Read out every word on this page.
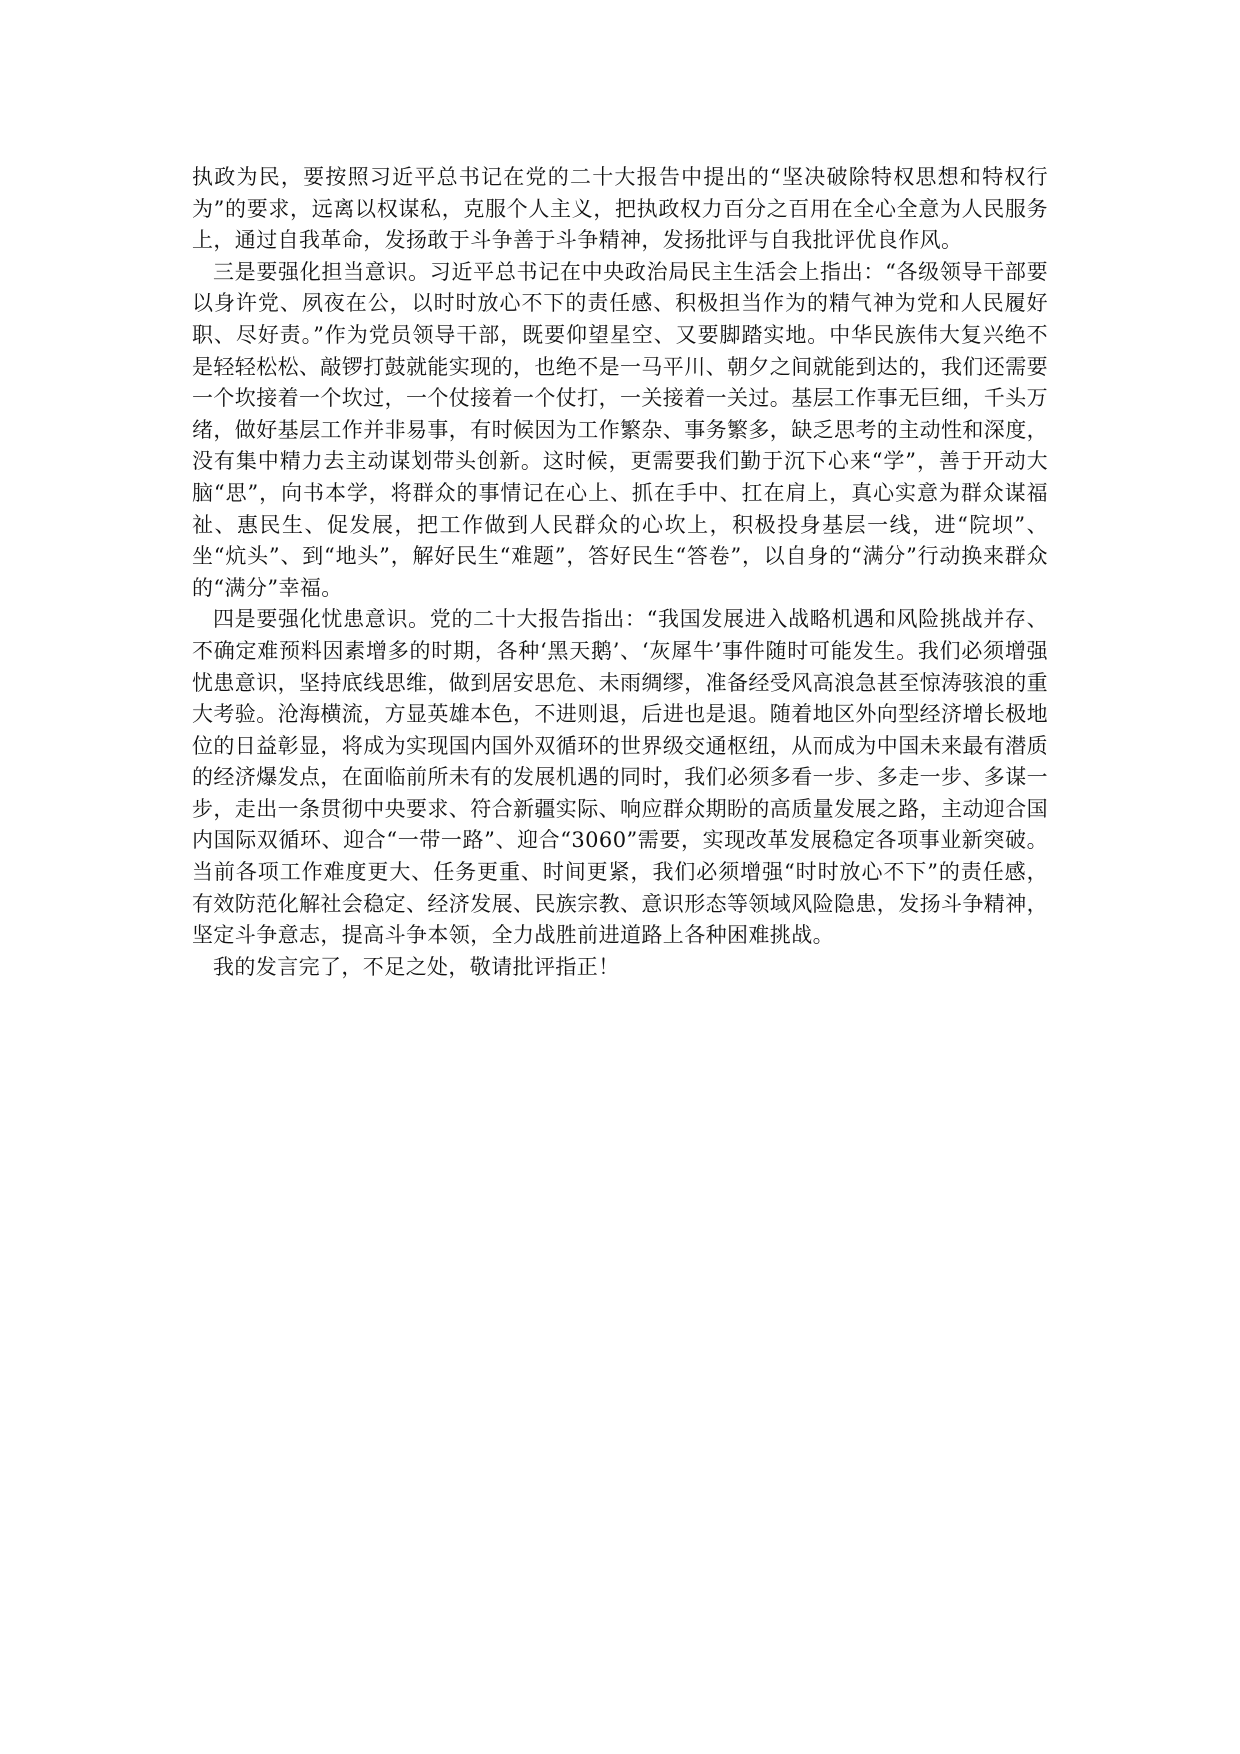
执政为民，要按照习近平总书记在党的二十大报告中提出的“坚决破除特权思想和特权行为”的要求，远离以权谋私，克服个人主义，把执政权力百分之百用在全心全意为人民服务上，通过自我革命，发扬敢于斗争善于斗争精神，发扬批评与自我批评优良作风。

三是要强化担当意识。习近平总书记在中央政治局民主生活会上指出：“各级领导干部要以身许党、夙夜在公，以时时放心不下的责任感、积极担当作为的精气神为党和人民履好职、尽好责。”作为党员领导干部，既要仰望星空、又要脚踏实地。中华民族伟大复兴绝不是轻轻松松、敲锣打鼓就能实现的，也绝不是一马平川、朝夕之间就能到达的，我们还需要一个坎接着一个坎过，一个仗接着一个仗打，一关接着一关过。基层工作事无巨细，千头万绪，做好基层工作并非易事，有时候因为工作繁杂、事务繁多，缺乏思考的主动性和深度，没有集中精力去主动谋划带头创新。这时候，更需要我们勤于沉下心来“学”，善于开动大脑“思”，向书本学，将群众的事情记在心上、抓在手中、扛在肩上，真心实意为群众谋福祉、惠民生、促发展，把工作做到人民群众的心坎上，积极投身基层一线，进“院坝”、坐“炕头”、到“地头”，解好民生“难题”，答好民生“答卷”，以自身的“满分”行动换来群众的“满分”幸福。

四是要强化忧患意识。党的二十大报告指出：“我国发展进入战略机遇和风险挑战并存、不确定难预料因素增多的时期，各种‘黑天鹅’、‘灰犀牛’事件随时可能发生。我们必须增强忧患意识，坚持底线思维，做到居安思危、未雨绸缪，准备经受风高浪急甚至惊涛骇浪的重大考验。沧海横流，方显英雄本色，不进则退，后进也是退。随着地区外向型经济增长极地位的日益彰显，将成为实现国内国外双循环的世界级交通枢纽，从而成为中国未来最有潜质的经济爆发点，在面临前所未有的发展机遇的同时，我们必须多看一步、多走一步、多谋一步，走出一条贯彻中央要求、符合新疆实际、响应群众期盼的高质量发展之路，主动迎合国内国际双循环、迎合“一带一路”、迎合“3060”需要，实现改革发展稳定各项事业新突破。当前各项工作难度更大、任务更重、时间更紧，我们必须增强“时时放心不下”的责任感，有效防范化解社会稳定、经济发展、民族宗教、意识形态等领域风险隐患，发扬斗争精神，坚定斗争意志，提高斗争本领，全力战胜前进道路上各种困难挑战。

我的发言完了，不足之处，敬请批评指正！
